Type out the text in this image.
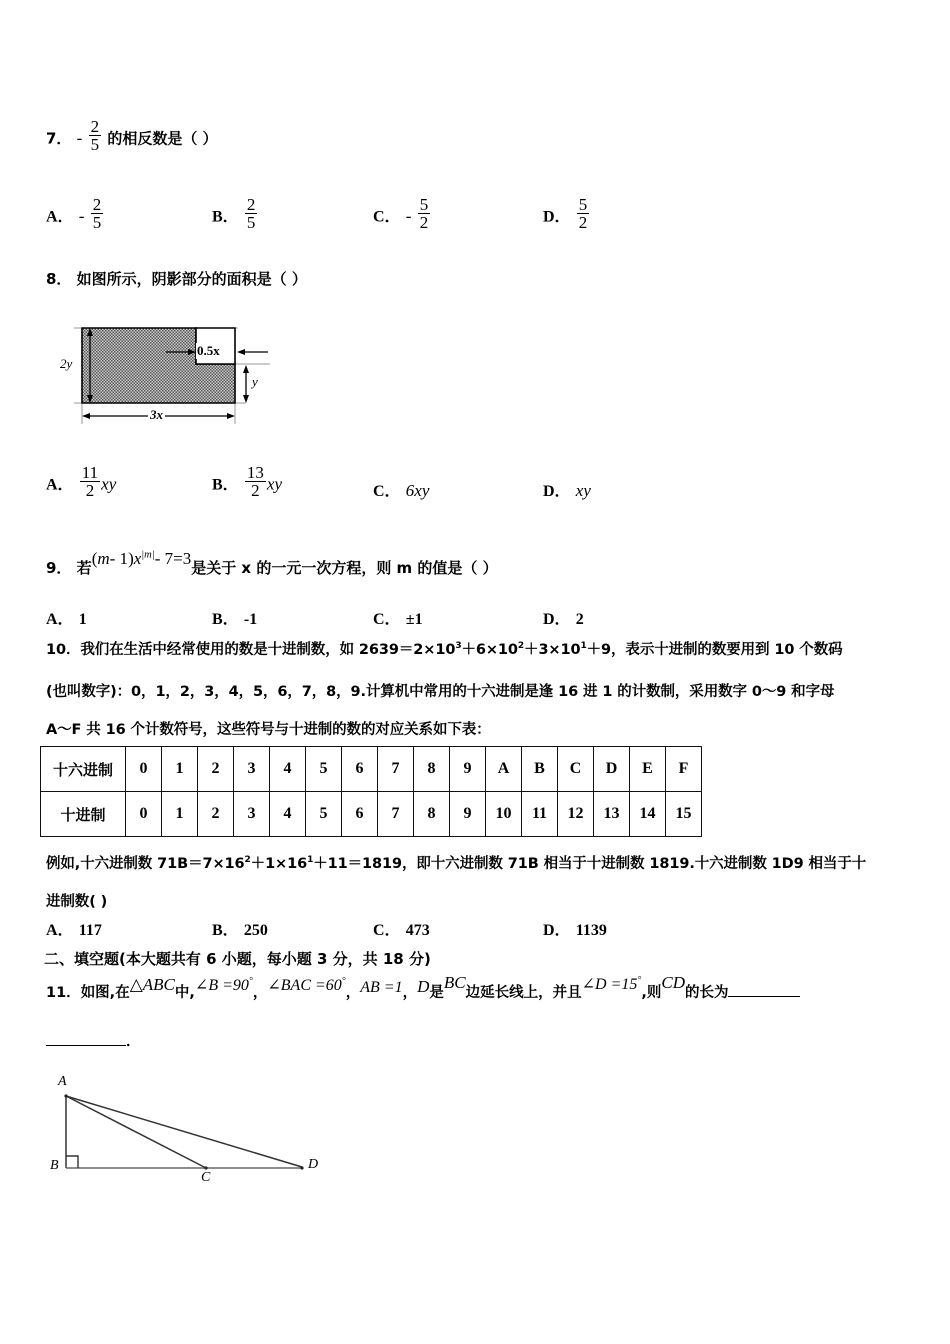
7． - $\frac{2}{5}$ 的相反数是（ ）
A． - $\frac{2}{5}$	B． $\frac{2}{5}$	C． - $\frac{5}{2}$	D． $\frac{5}{2}$
8． 如图所示，阴影部分的面积是（ ）
2y
0.5x
y
3x
A． $\frac{11}{2}$ xy	B． $\frac{13}{2}$ xy	C． 6xy	D． xy
9． 若(m- $1)x^{|m|}-$ 7=3是关于 x 的一元一次方程，则 m 的值是（ ）
A． 1	B． -1	C． ±1	D． 2
10．我们在生活中经常使用的数是十进制数，如 $2639=2\times 10^3+6\times 10^2+3\times 10^1+9$，表示十进制的数要用到 10 个数码
(也叫数字)：0，1，2，3，4，5，6，7，8，9.计算机中常用的十六进制是逢 16 进 1 的计数制，采用数字 0～9 和字母
A～F 共 16 个计数符号，这些符号与十进制的数的对应关系如下表：
十六进制	0	1	2	3	4	5	6	7	8	9	A	B	C	D	E	F
十进制	0	1	2	3	4	5	6	7	8	9	10	11	12	13	14	15
例如,十六进制数 $71B=7\times 16^2+1\times 16^1+11=1819$，即十六进制数 71B 相当于十进制数 1819.十六进制数 1D9 相当于十
进制数( )
A． 117	B． 250	C． 473	D． 1139
二、填空题(本大题共有 6 小题，每小题 3 分，共 18 分)
11．如图,在△ABC中,∠B =90°，∠BAC =60°，AB =1，D是BC边延长线上，并且∠D =15°,则CD的长为
．
A
B
C
D
